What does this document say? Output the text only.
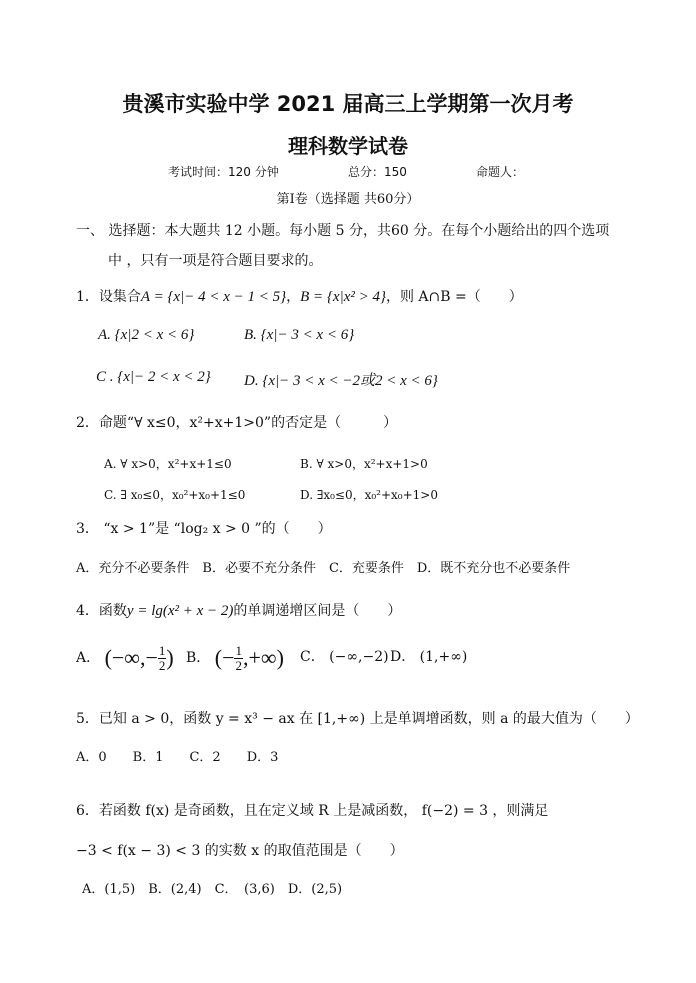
贵溪市实验中学 2021 届高三上学期第一次月考
理科数学试卷
考试时间：120 分钟	总分：150	命题人：
第Ⅰ卷（选择题 共60分）
一、 选择题：本大题共 12 小题。每小题 5 分，共60 分。在每个小题给出的四个选项
中 ，只有一项是符合题目要求的。
1．设集合A = {x|− 4 < x − 1 < 5}，B = {x|x² > 4}，则 A∩B =（　　）
A. {x|2 < x < 6}	B. {x|− 3 < x < 6}
C . {x|− 2 < x < 2} D. {x|− 3 < x < −2或2 < x < 6}
2．命题“∀ x≤0，x²+x+1>0”的否定是（　　　）
A. ∀ x>0，x²+x+1≤0	B. ∀ x>0，x²+x+1>0
C. ∃ x₀≤0，x₀²+x₀+1≤0	D. ∃x₀≤0，x₀²+x₀+1>0
3． “x > 1”是 “log₂ x > 0 ”的（　　）
A．充分不必要条件　B．必要不充分条件　C．充要条件　D．既不充分也不必要条件
4．函数y = lg(x² + x − 2)的单调递增区间是（　　）
A． (−∞,− $\frac{1}{2}$ ) B． (− $\frac{1}{2}$ ,+∞) C． (−∞,−2) D． (1,+∞)
5．已知 a > 0，函数 y = x³ − ax 在 [1,+∞) 上是单调增函数，则 a 的最大值为（　　）
A．0　　B．1　　C．2　　D．3
6．若函数 f(x) 是奇函数，且在定义域 R 上是减函数， f(−2) = 3 ，则满足
−3 < f(x − 3) < 3 的实数 x 的取值范围是（　　）
A．(1,5)　B．(2,4)　C．　(3,6)　D．(2,5)
